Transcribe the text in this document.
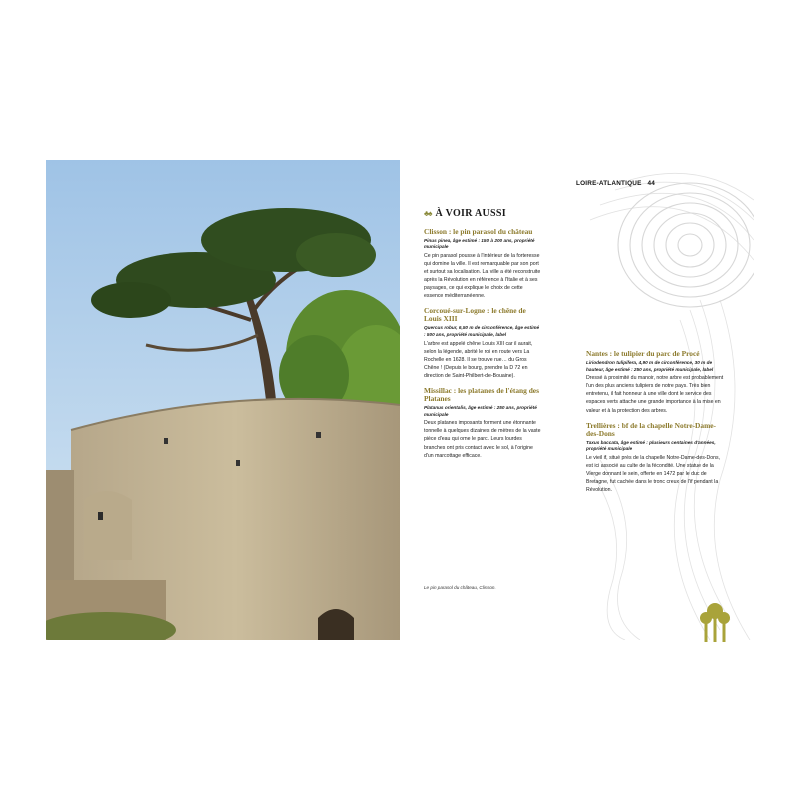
LOIRE-ATLANTIQUE 44
♣♠ À VOIR AUSSI
Clisson : le pin parasol du château
Pinus pinea, âge estimé : 150 à 200 ans, propriété municipale
Ce pin parasol pousse à l'intérieur de la forteresse qui domine la ville. Il est remarquable par son port et surtout sa localisation. La ville a été reconstruite après la Révolution en référence à l'Italie et à ses paysages, ce qui explique le choix de cette essence méditerranéenne.
Corcoué-sur-Logne : le chêne de Louis XIII
Quercus robur, 6,50 m de circonférence, âge estimé : 500 ans, propriété municipale, label
L'arbre est appelé chêne Louis XIII car il aurait, selon la légende, abrité le roi en route vers La Rochelle en 1628. Il se trouve rue… du Gros Chêne ! (Depuis le bourg, prendre la D 72 en direction de Saint-Philbert-de-Bouaine).
Missillac : les platanes de l'étang des Platanes
Platanus orientalis, âge estimé : 250 ans, propriété municipale
Deux platanes imposants forment une étonnante tonnelle à quelques dizaines de mètres de la vaste pièce d'eau qui orne le parc. Leurs lourdes branches ont pris contact avec le sol, à l'origine d'un marcottage efficace.
Nantes : le tulipier du parc de Procé
Liriodendron tulipifera, 4,90 m de circonférence, 30 m de hauteur, âge estimé : 250 ans, propriété municipale, label
Dressé à proximité du manoir, notre arbre est probablement l'un des plus anciens tulipiers de notre pays. Très bien entretenu, il fait honneur à une ville dont le service des espaces verts attache une grande importance à la mise en valeur et à la protection des arbres.
Trellières : bf de la chapelle Notre-Dame-des-Dons
Taxus baccata, âge estimé : plusieurs centaines d'années, propriété municipale
Le vieil if, situé près de la chapelle Notre-Dame-des-Dons, est ici associé au culte de la fécondité. Une statue de la Vierge donnant le sein, offerte en 1472 par le duc de Bretagne, fut cachée dans le tronc creux de l'if pendant la Révolution.
Le pin parasol du château, Clisson.
